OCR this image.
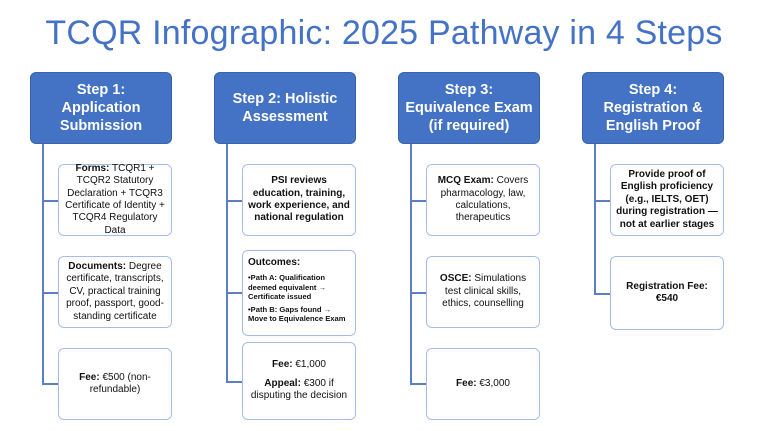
TCQR Infographic: 2025 Pathway in 4 Steps
Step 1: Application Submission
Forms: TCQR1 + TCQR2 Statutory Declaration + TCQR3 Certificate of Identity + TCQR4 Regulatory Data
Documents: Degree certificate, transcripts, CV, practical training proof, passport, good-standing certificate
Fee: €500 (non-refundable)
Step 2: Holistic Assessment
PSI reviews education, training, work experience, and national regulation
Outcomes:
•Path A: Qualification deemed equivalent → Certificate issued
•Path B: Gaps found → Move to Equivalence Exam
Fee: €1,000
Appeal: €300 if disputing the decision
Step 3: Equivalence Exam (if required)
MCQ Exam: Covers pharmacology, law, calculations, therapeutics
OSCE: Simulations test clinical skills, ethics, counselling
Fee: €3,000
Step 4: Registration & English Proof
Provide proof of English proficiency (e.g., IELTS, OET) during registration — not at earlier stages
Registration Fee: €540
